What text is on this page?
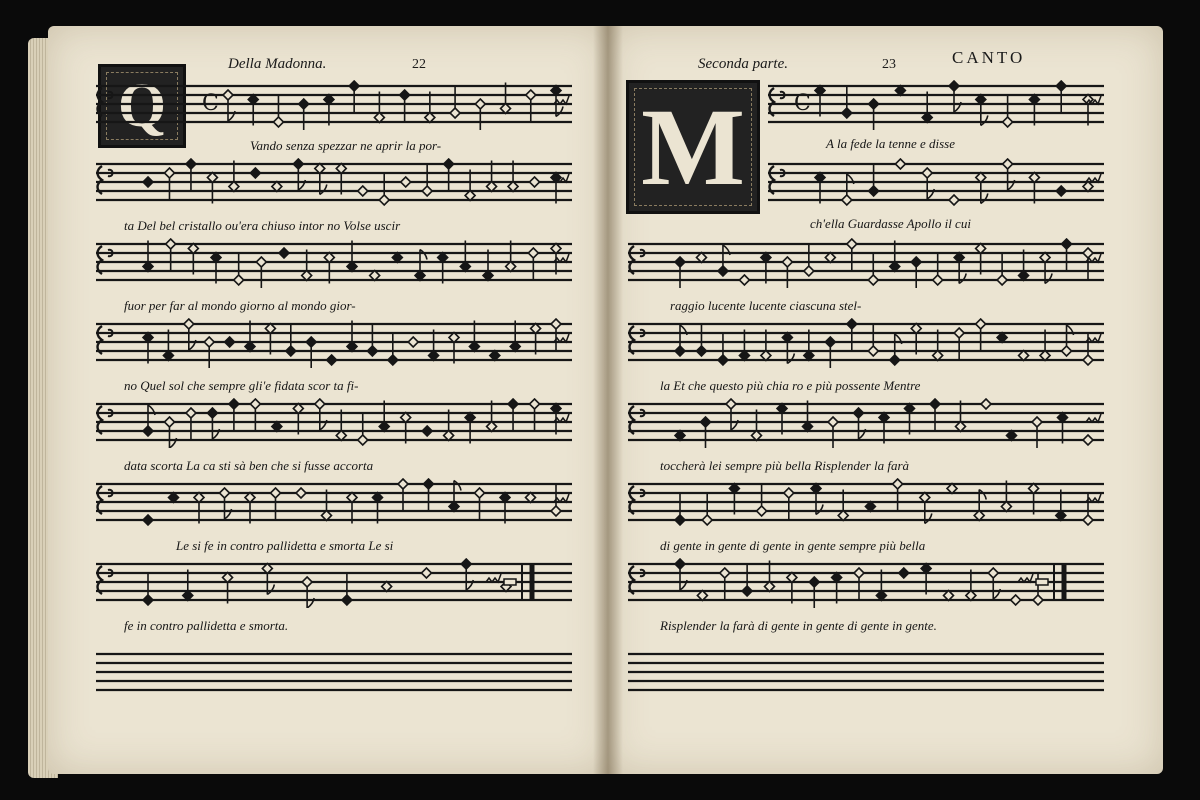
Della Madonna.	22
Q
Seconda parte.	23	CANTO
M
C
Vando senza spezzar ne aprir la por-
ta Del bel cristallo ou'era chiuso intor no Volse uscir
fuor per far al mondo giorno al mondo gior-
no Quel sol che sempre gli'e fidata scor ta fi-
data scorta La ca sti sà ben che si fusse accorta
Le si fe in contro pallidetta e smorta Le si
fe in contro pallidetta e smorta.
C
A la fede la tenne e disse
ch'ella Guardasse Apollo il cui
raggio lucente lucente ciascuna stel-
la Et che questo più chia ro e più possente Mentre
toccherà lei sempre più bella Risplender la farà
di gente in gente di gente in gente sempre più bella
Risplender la farà di gente in gente di gente in gente.
